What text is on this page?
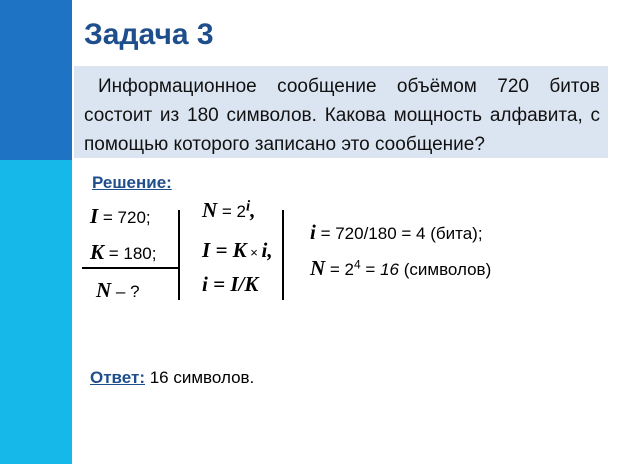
Задача 3
Информационное сообщение объёмом 720 битов состоит из 180 символов. Какова мощность алфавита, с помощью которого записано это сообщение?
Решение:
I = 720;
K = 180;
N – ?
$N = 2^i$,
I = K × i,
i = I/K
i = 720/180 = 4 (бита);
$N = 2^4 = 16$ (символов)
Ответ: 16 символов.
